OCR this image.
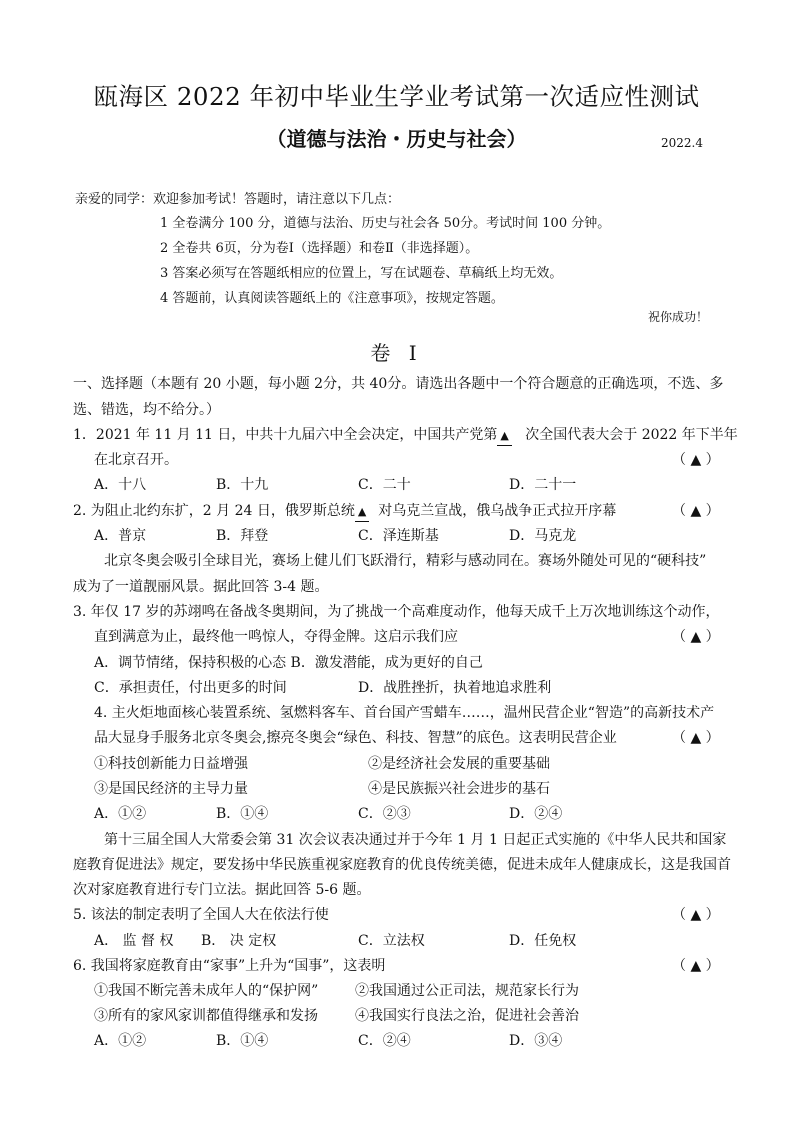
瓯海区 2022 年初中毕业生学业考试第一次适应性测试
（道德与法治・历史与社会）	2022.4
亲爱的同学：欢迎参加考试！答题时，请注意以下几点：
1 全卷满分 100 分，道德与法治、历史与社会各 50分。考试时间 100 分钟。
2 全卷共 6页，分为卷Ⅰ（选择题）和卷Ⅱ（非选择题）。
3 答案必须写在答题纸相应的位置上，写在试题卷、草稿纸上均无效。
4 答题前，认真阅读答题纸上的《注意事项》，按规定答题。
祝你成功！
卷 Ⅰ
一、选择题（本题有 20 小题，每小题 2分，共 40分。请选出各题中一个符合题意的正确选项，不选、多
选、错选，均不给分。）
1．2021 年 11 月 11 日，中共十九届六中全会决定，中国共产党第 ▲ 次全国代表大会于 2022 年下半年
在北京召开。	（ ▲ ）
A．十八	B．十九	C．二十	D．二十一
2. 为阻止北约东扩，2 月 24 日，俄罗斯总统 ▲ 对乌克兰宣战，俄乌战争正式拉开序幕	（ ▲ ）
A．普京	B．拜登	C．泽连斯基	D．马克龙
北京冬奥会吸引全球目光，赛场上健儿们飞跃滑行，精彩与感动同在。赛场外随处可见的“硬科技”
成为了一道靓丽风景。据此回答 3-4 题。
3. 年仅 17 岁的苏翊鸣在备战冬奥期间，为了挑战一个高难度动作，他每天成千上万次地训练这个动作，
直到满意为止，最终他一鸣惊人，夺得金牌。这启示我们应	（ ▲ ）
A．调节情绪，保持积极的心态 B．激发潜能，成为更好的自己
C．承担责任，付出更多的时间	D．战胜挫折，执着地追求胜利
4. 主火炬地面核心装置系统、氢燃料客车、首台国产雪蜡车……，温州民营企业“智造”的高新技术产
品大显身手服务北京冬奥会,擦亮冬奥会“绿色、科技、智慧”的底色。这表明民营企业	（ ▲ ）
①科技创新能力日益增强	②是经济社会发展的重要基础
③是国民经济的主导力量	④是民族振兴社会进步的基石
A．①②	B．①④	C．②③	D．②④
第十三届全国人大常委会第 31 次会议表决通过并于今年 1 月 1 日起正式实施的《中华人民共和国家
庭教育促进法》规定，要发扬中华民族重视家庭教育的优良传统美德，促进未成年人健康成长，这是我国首
次对家庭教育进行专门立法。据此回答 5-6 题。
5. 该法的制定表明了全国人大在依法行使	（ ▲ ）
A． 监 督 权 B． 决 定权	C．立法权	D．任免权
6. 我国将家庭教育由“家事”上升为“国事”，这表明	（ ▲ ）
①我国不断完善未成年人的“保护网”	②我国通过公正司法，规范家长行为
③所有的家风家训都值得继承和发扬	④我国实行良法之治，促进社会善治
A．①②	B．①④	C．②④	D．③④
